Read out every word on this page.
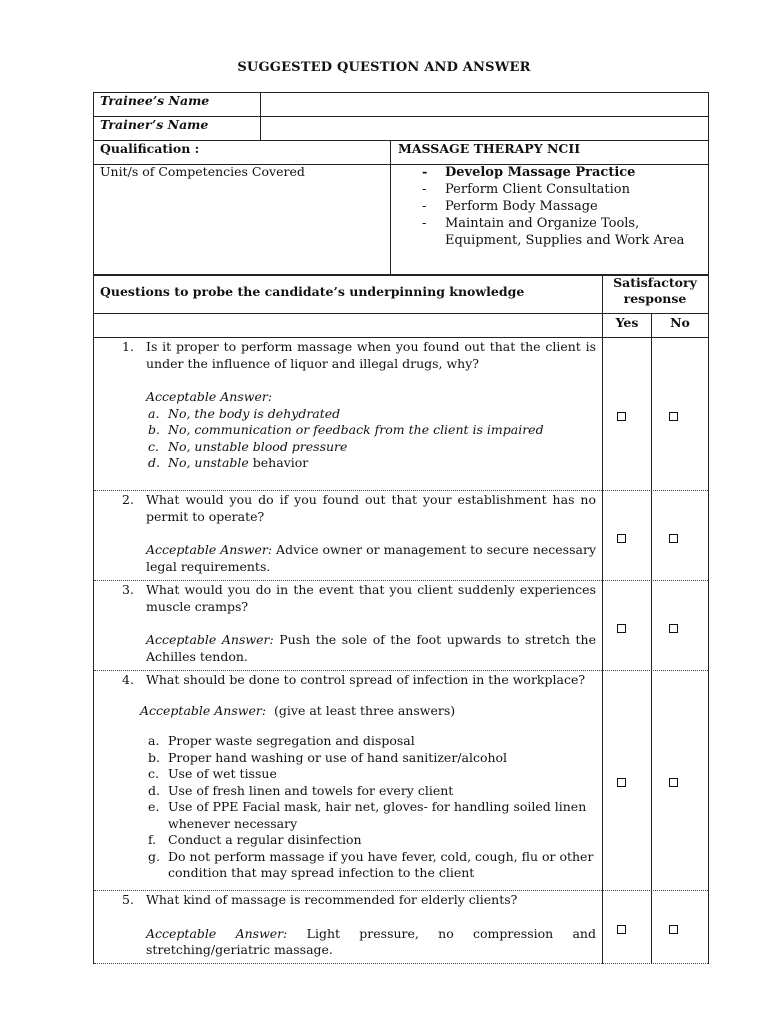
SUGGESTED QUESTION AND ANSWER
Trainee’s Name
Trainer’s Name
Qualification :	MASSAGE THERAPY NCII
Unit/s of Competencies Covered	- Develop Massage Practice
- Perform Client Consultation
- Perform Body Massage
- Maintain and Organize Tools, Equipment, Supplies and Work Area
Questions to probe the candidate’s underpinning knowledge
Satisfactory response
Yes	No
1. Is it proper to perform massage when you found out that the client is under the influence of liquor and illegal drugs, why?
Acceptable Answer:
a. No, the body is dehydrated
b. No, communication or feedback from the client is impaired
c. No, unstable blood pressure
d. No, unstable behavior
2. What would you do if you found out that your establishment has no permit to operate?
Acceptable Answer: Advice owner or management to secure necessary legal requirements.
3. What would you do in the event that you client suddenly experiences muscle cramps?
Acceptable Answer: Push the sole of the foot upwards to stretch the Achilles tendon.
4. What should be done to control spread of infection in the workplace?
Acceptable Answer: (give at least three answers)
a. Proper waste segregation and disposal
b. Proper hand washing or use of hand sanitizer/alcohol
c. Use of wet tissue
d. Use of fresh linen and towels for every client
e. Use of PPE Facial mask, hair net, gloves- for handling soiled linen whenever necessary
f. Conduct a regular disinfection
g. Do not perform massage if you have fever, cold, cough, flu or other condition that may spread infection to the client
5. What kind of massage is recommended for elderly clients?
Acceptable Answer: Light pressure, no compression and stretching/geriatric massage.
